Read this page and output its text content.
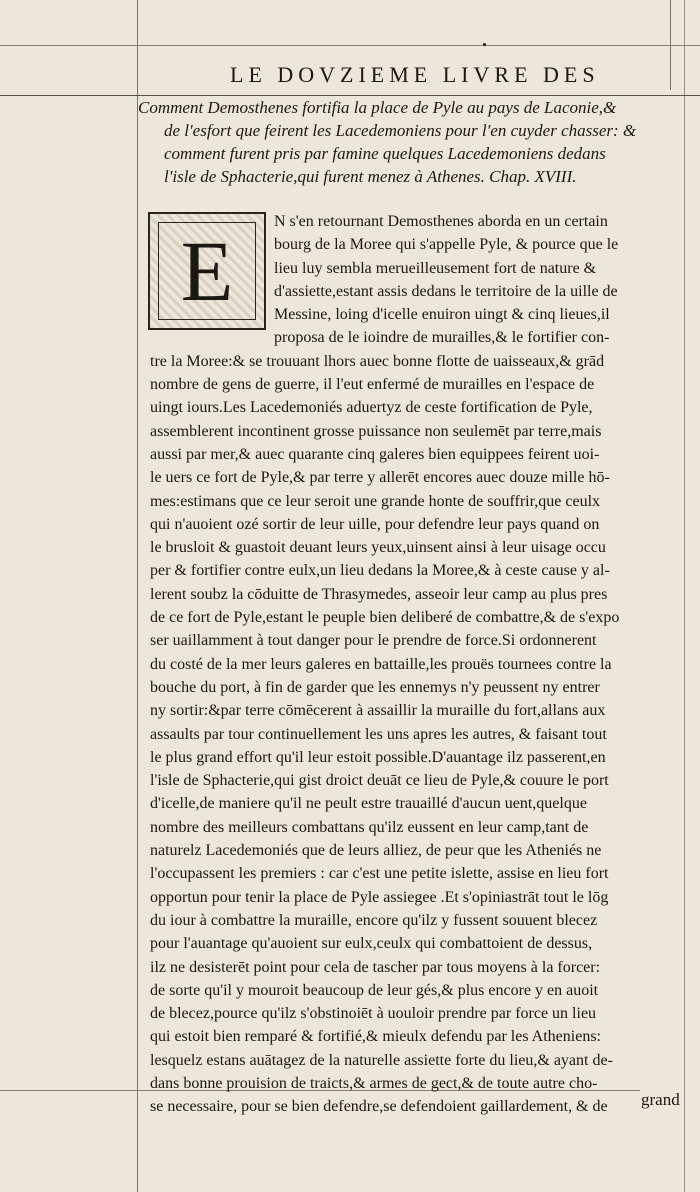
LE DOVZIEME LIVRE DES
Comment Demosthenes fortifia la place de Pyle au pays de Laconie,&
de l'esfort que feirent les Lacedemoniens pour l'en cuyder chasser: &
comment furent pris par famine quelques Lacedemoniens dedans
l'isle de Sphacterie,qui furent menez à Athenes. Chap. XVIII.
E
N s'en retournant Demosthenes aborda en un certain
bourg de la Moree qui s'appelle Pyle, & pource que le
lieu luy sembla merueilleusement fort de nature &
d'assiette,estant assis dedans le territoire de la uille de
Messine, loing d'icelle enuiron uingt & cinq lieues,il
proposa de le ioindre de murailles,& le fortifier con-
tre la Moree:& se trouuant lhors auec bonne flotte de uaisseaux,& grād
nombre de gens de guerre, il l'eut enfermé de murailles en l'espace de
uingt iours.Les Lacedemoniés aduertyz de ceste fortification de Pyle,
assemblerent incontinent grosse puissance non seulemēt par terre,mais
aussi par mer,& auec quarante cinq galeres bien equippees feirent uoi-
le uers ce fort de Pyle,& par terre y allerēt encores auec douze mille hō-
mes:estimans que ce leur seroit une grande honte de souffrir,que ceulx
qui n'auoient ozé sortir de leur uille, pour defendre leur pays quand on
le brusloit & guastoit deuant leurs yeux,uinsent ainsi à leur uisage occu
per & fortifier contre eulx,un lieu dedans la Moree,& à ceste cause y al-
lerent soubz la cōduitte de Thrasymedes, asseoir leur camp au plus pres
de ce fort de Pyle,estant le peuple bien deliberé de combattre,& de s'expo
ser uaillamment à tout danger pour le prendre de force.Si ordonnerent
du costé de la mer leurs galeres en battaille,les prouës tournees contre la
bouche du port, à fin de garder que les ennemys n'y peussent ny entrer
ny sortir:&par terre cōmēcerent à assaillir la muraille du fort,allans aux
assaults par tour continuellement les uns apres les autres, & faisant tout
le plus grand effort qu'il leur estoit possible.D'auantage ilz passerent,en
l'isle de Sphacterie,qui gist droict deuāt ce lieu de Pyle,& couure le port
d'icelle,de maniere qu'il ne peult estre trauaillé d'aucun uent,quelque
nombre des meilleurs combattans qu'ilz eussent en leur camp,tant de
naturelz Lacedemoniés que de leurs alliez, de peur que les Atheniés ne
l'occupassent les premiers : car c'est une petite islette, assise en lieu fort
opportun pour tenir la place de Pyle assiegee .Et s'opiniastrāt tout le lōg
du iour à combattre la muraille, encore qu'ilz y fussent souuent blecez
pour l'auantage qu'auoient sur eulx,ceulx qui combattoient de dessus,
ilz ne desisterēt point pour cela de tascher par tous moyens à la forcer:
de sorte qu'il y mouroit beaucoup de leur gés,& plus encore y en auoit
de blecez,pource qu'ilz s'obstinoiēt à uouloir prendre par force un lieu
qui estoit bien remparé & fortifié,& mieulx defendu par les Atheniens:
lesquelz estans auātagez de la naturelle assiette forte du lieu,& ayant de-
dans bonne prouision de traicts,& armes de gect,& de toute autre cho-
se necessaire, pour se bien defendre,se defendoient gaillardement, & de	grand
